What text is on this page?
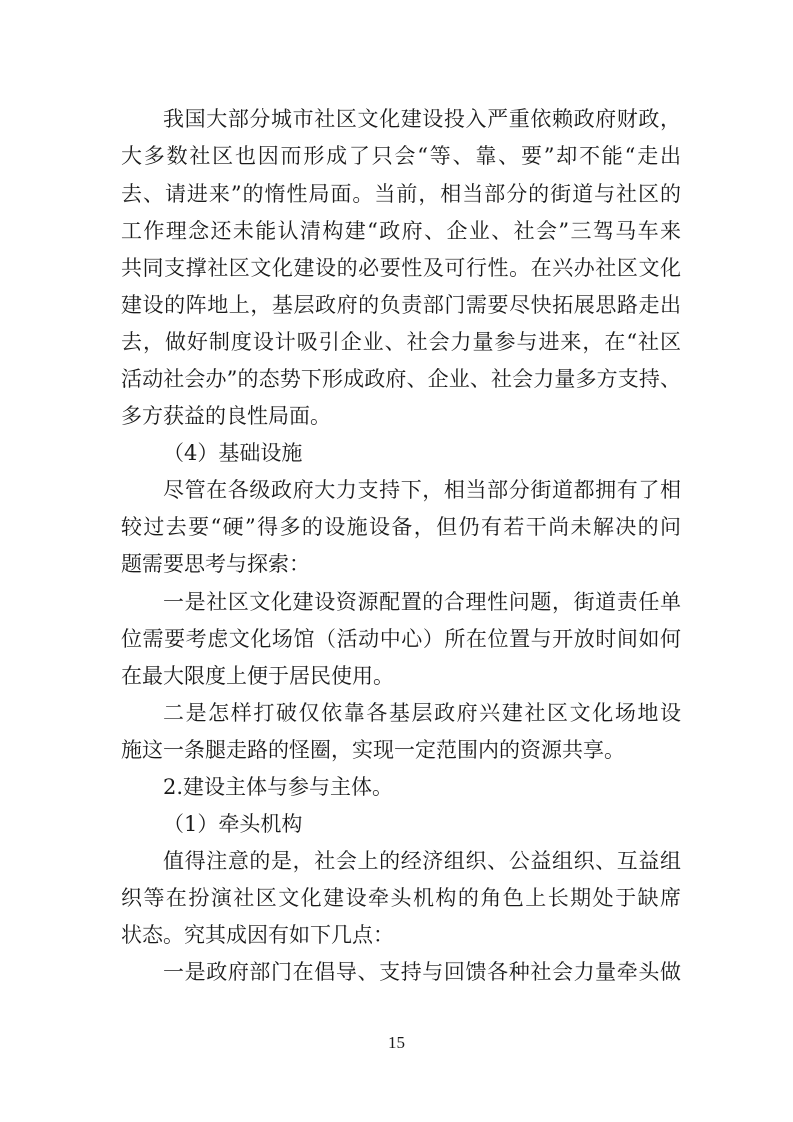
我国大部分城市社区文化建设投入严重依赖政府财政，
大多数社区也因而形成了只会“等、靠、要”却不能“走出
去、请进来”的惰性局面。当前，相当部分的街道与社区的
工作理念还未能认清构建“政府、企业、社会”三驾马车来
共同支撑社区文化建设的必要性及可行性。在兴办社区文化
建设的阵地上，基层政府的负责部门需要尽快拓展思路走出
去，做好制度设计吸引企业、社会力量参与进来，在“社区
活动社会办”的态势下形成政府、企业、社会力量多方支持、
多方获益的良性局面。
（4）基础设施
尽管在各级政府大力支持下，相当部分街道都拥有了相
较过去要“硬”得多的设施设备，但仍有若干尚未解决的问
题需要思考与探索：
一是社区文化建设资源配置的合理性问题，街道责任单
位需要考虑文化场馆（活动中心）所在位置与开放时间如何
在最大限度上便于居民使用。
二是怎样打破仅依靠各基层政府兴建社区文化场地设
施这一条腿走路的怪圈，实现一定范围内的资源共享。
2.建设主体与参与主体。
（1）牵头机构
值得注意的是，社会上的经济组织、公益组织、互益组
织等在扮演社区文化建设牵头机构的角色上长期处于缺席
状态。究其成因有如下几点：
一是政府部门在倡导、支持与回馈各种社会力量牵头做
15
